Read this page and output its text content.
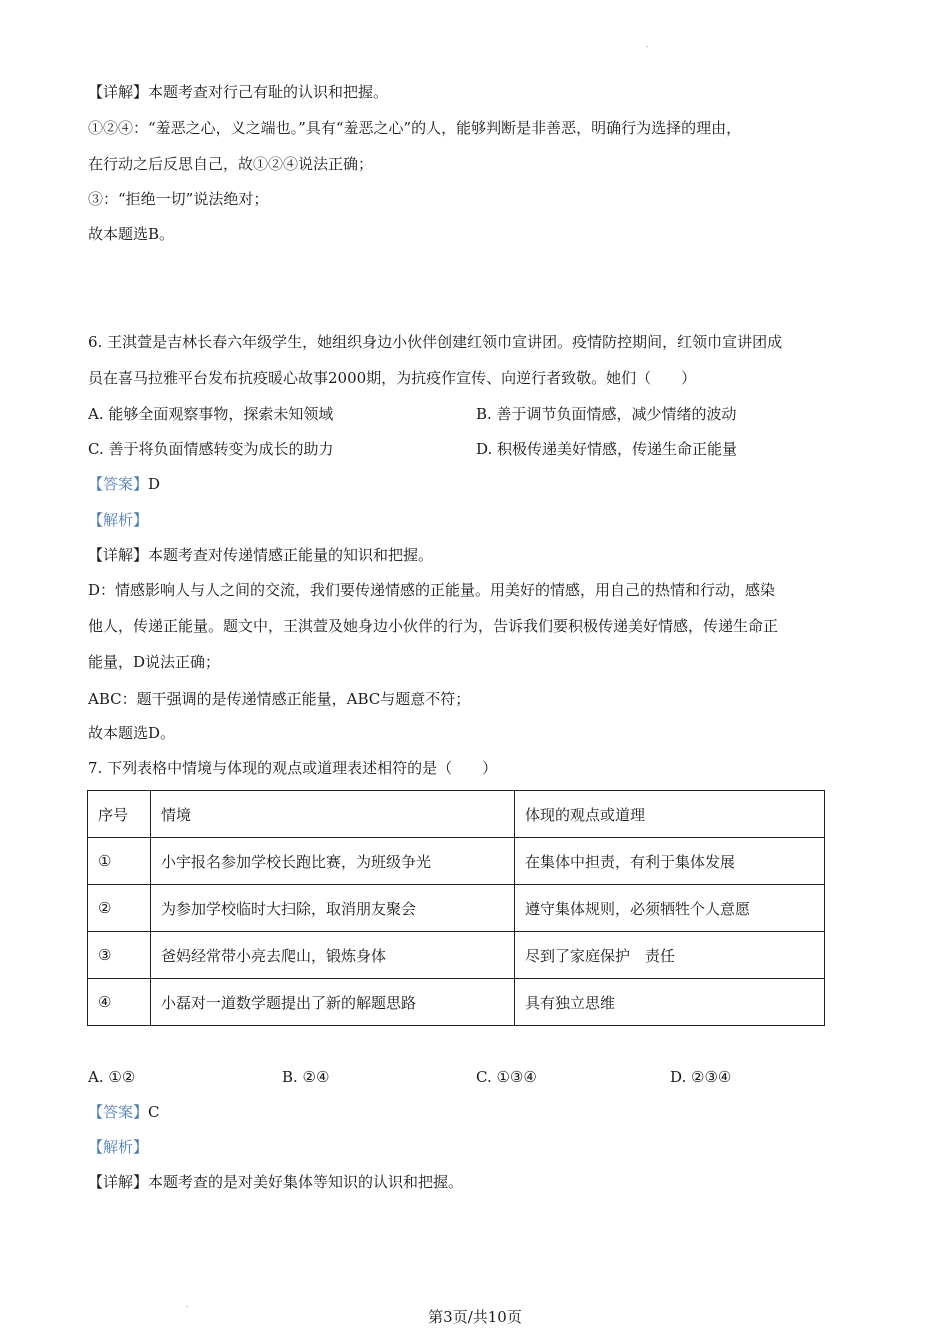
.
【详解】本题考查对行己有耻的认识和把握。
①②④：“羞恶之心，义之端也。”具有“羞恶之心”的人，能够判断是非善恶，明确行为选择的理由，
在行动之后反思自己，故①②④说法正确；
③：“拒绝一切”说法绝对；
故本题选B。
6. 王淇萱是吉林长春六年级学生，她组织身边小伙伴创建红领巾宣讲团。疫情防控期间，红领巾宣讲团成
员在喜马拉雅平台发布抗疫暖心故事2000期，为抗疫作宣传、向逆行者致敬。她们（　　）
A. 能够全面观察事物，探索未知领域	B. 善于调节负面情感，减少情绪的波动
C. 善于将负面情感转变为成长的助力	D. 积极传递美好情感，传递生命正能量
【答案】D
【解析】
【详解】本题考查对传递情感正能量的知识和把握。
D：情感影响人与人之间的交流，我们要传递情感的正能量。用美好的情感，用自己的热情和行动，感染
他人，传递正能量。题文中，王淇萱及她身边小伙伴的行为，告诉我们要积极传递美好情感，传递生命正
能量，D说法正确；
ABC：题干强调的是传递情感正能量，ABC与题意不符；
故本题选D。
7. 下列表格中情境与体现的观点或道理表述相符的是（　　）
序号	情境	体现的观点或道理
①	小宇报名参加学校长跑比赛，为班级争光	在集体中担责，有利于集体发展
②	为参加学校临时大扫除，取消朋友聚会	遵守集体规则，必须牺牲个人意愿
③	爸妈经常带小亮去爬山，锻炼身体	尽到了家庭保护　责任
④	小磊对一道数学题提出了新的解题思路	具有独立思维
A. ①②	B. ②④	C. ①③④	D. ②③④
【答案】C
【解析】
【详解】本题考查的是对美好集体等知识的认识和把握。
.
第3页/共10页
